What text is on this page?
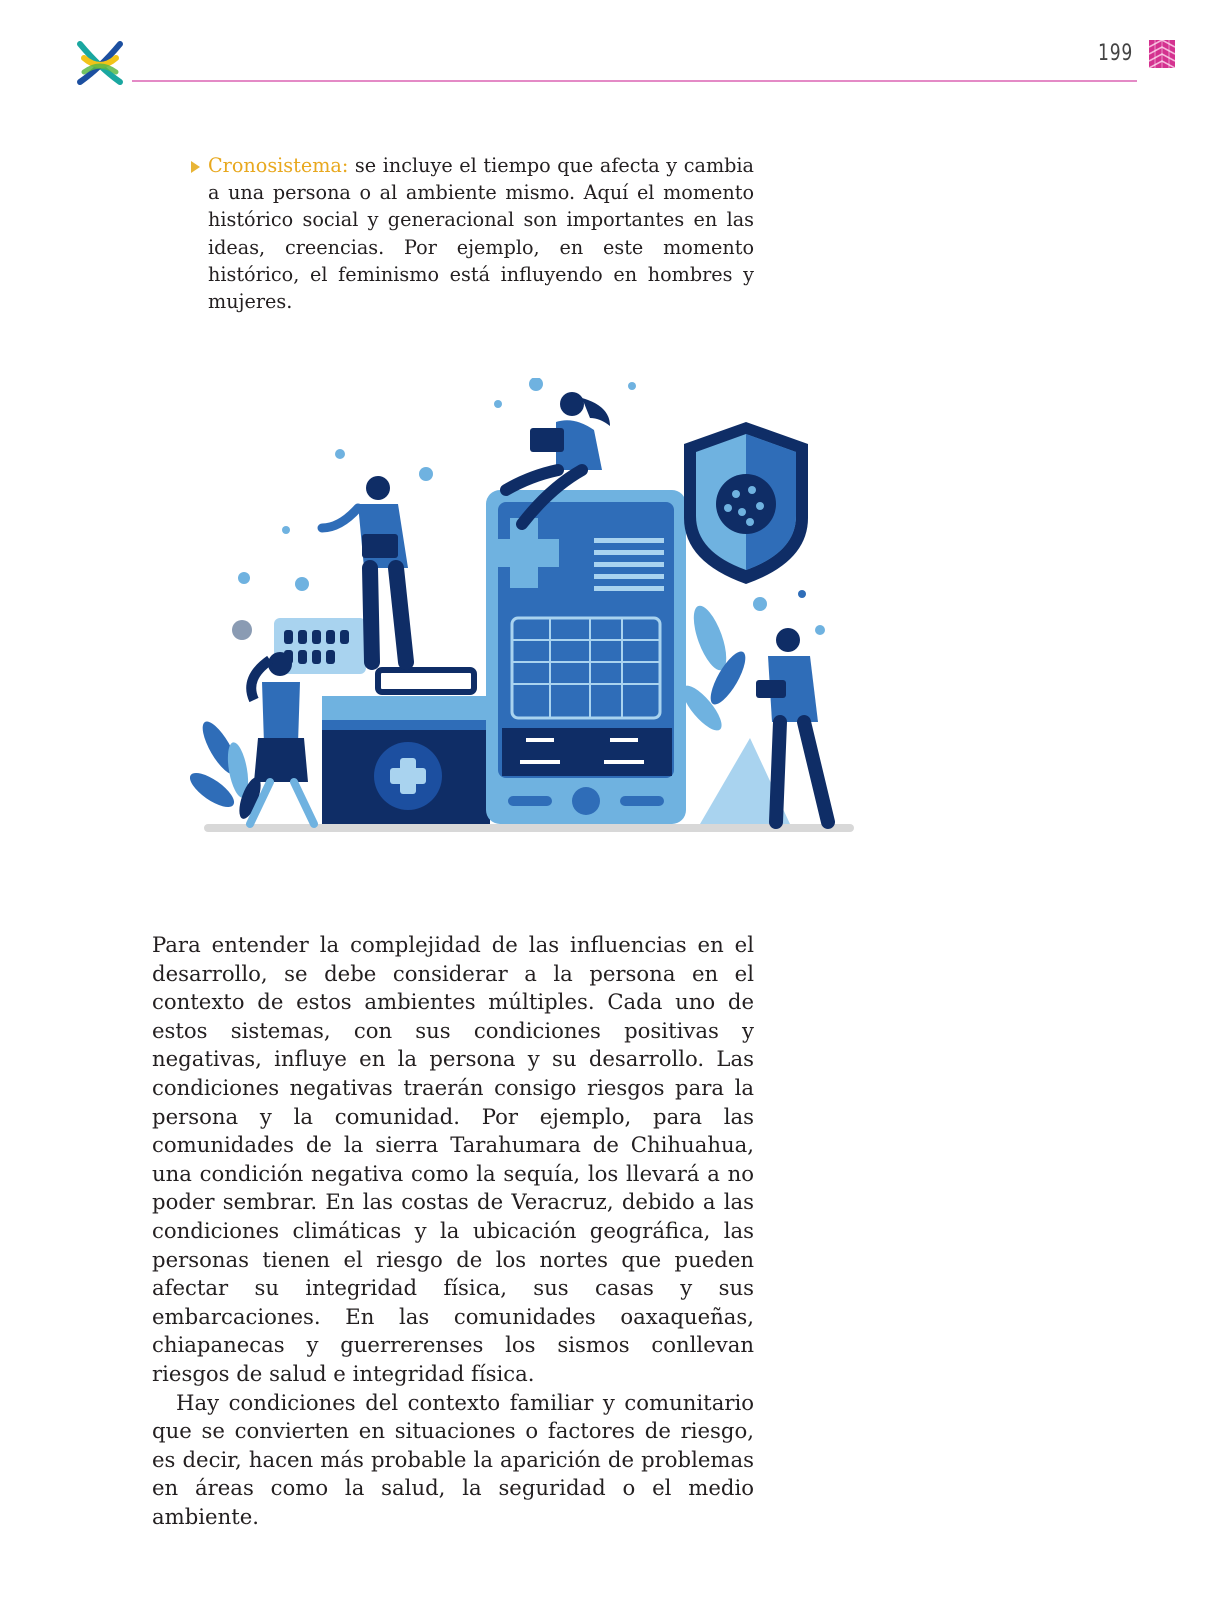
199
Cronosistema: se incluye el tiempo que afecta y cambia a una persona o al ambiente mismo. Aquí el momento histórico social y generacional son importantes en las ideas, creencias. Por ejemplo, en este momento histórico, el feminismo está influyendo en hombres y mujeres.

Para entender la complejidad de las influencias en el desarrollo, se debe considerar a la persona en el contexto de estos ambientes múltiples. Cada uno de estos sistemas, con sus condiciones positivas y negativas, influye en la persona y su desarrollo. Las condiciones negativas traerán consigo riesgos para la persona y la comunidad. Por ejemplo, para las comunidades de la sierra Tarahumara de Chihuahua, una condición negativa como la sequía, los llevará a no poder sembrar. En las costas de Veracruz, debido a las condiciones climáticas y la ubicación geográfica, las personas tienen el riesgo de los nortes que pueden afectar su integridad física, sus casas y sus embarcaciones. En las comunidades oaxaqueñas, chiapanecas y guerrerenses los sismos conllevan riesgos de salud e integridad física.

Hay condiciones del contexto familiar y comunitario que se convierten en situaciones o factores de riesgo, es decir, hacen más probable la aparición de problemas en áreas como la salud, la seguridad o el medio ambiente.
